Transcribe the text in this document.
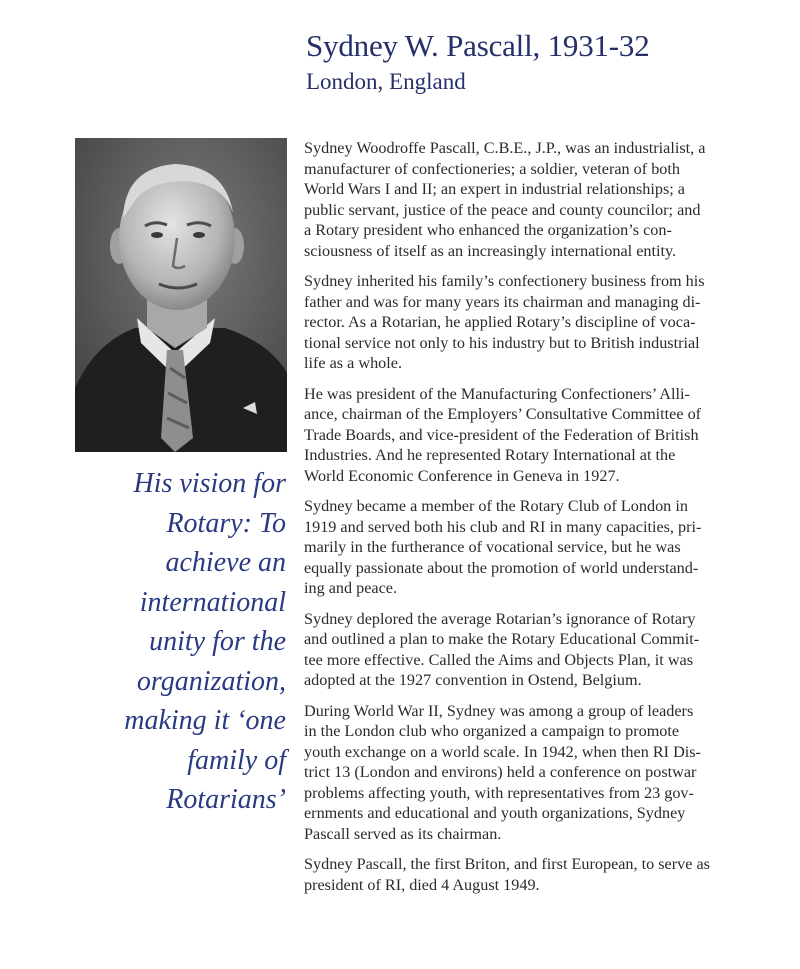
Sydney W. Pascall, 1931-32
London, England
His vision for
Rotary: To
achieve an
international
unity for the
organization,
making it ‘one
family of
Rotarians’

Sydney Woodroffe Pascall, C.B.E., J.P., was an industrialist, a
manufacturer of confectioneries; a soldier, veteran of both
World Wars I and II; an expert in industrial relationships; a
public servant, justice of the peace and county councilor; and
a Rotary president who enhanced the organization’s con-
sciousness of itself as an increasingly international entity.

Sydney inherited his family’s confectionery business from his
father and was for many years its chairman and managing di-
rector. As a Rotarian, he applied Rotary’s discipline of voca-
tional service not only to his industry but to British industrial
life as a whole.

He was president of the Manufacturing Confectioners’ Alli-
ance, chairman of the Employers’ Consultative Committee of
Trade Boards, and vice-president of the Federation of British
Industries. And he represented Rotary International at the
World Economic Conference in Geneva in 1927.

Sydney became a member of the Rotary Club of London in
1919 and served both his club and RI in many capacities, pri-
marily in the furtherance of vocational service, but he was
equally passionate about the promotion of world understand-
ing and peace.

Sydney deplored the average Rotarian’s ignorance of Rotary
and outlined a plan to make the Rotary Educational Commit-
tee more effective. Called the Aims and Objects Plan, it was
adopted at the 1927 convention in Ostend, Belgium.

During World War II, Sydney was among a group of leaders
in the London club who organized a campaign to promote
youth exchange on a world scale. In 1942, when then RI Dis-
trict 13 (London and environs) held a conference on postwar
problems affecting youth, with representatives from 23 gov-
ernments and educational and youth organizations, Sydney
Pascall served as its chairman.

Sydney Pascall, the first Briton, and first European, to serve as
president of RI, died 4 August 1949.
